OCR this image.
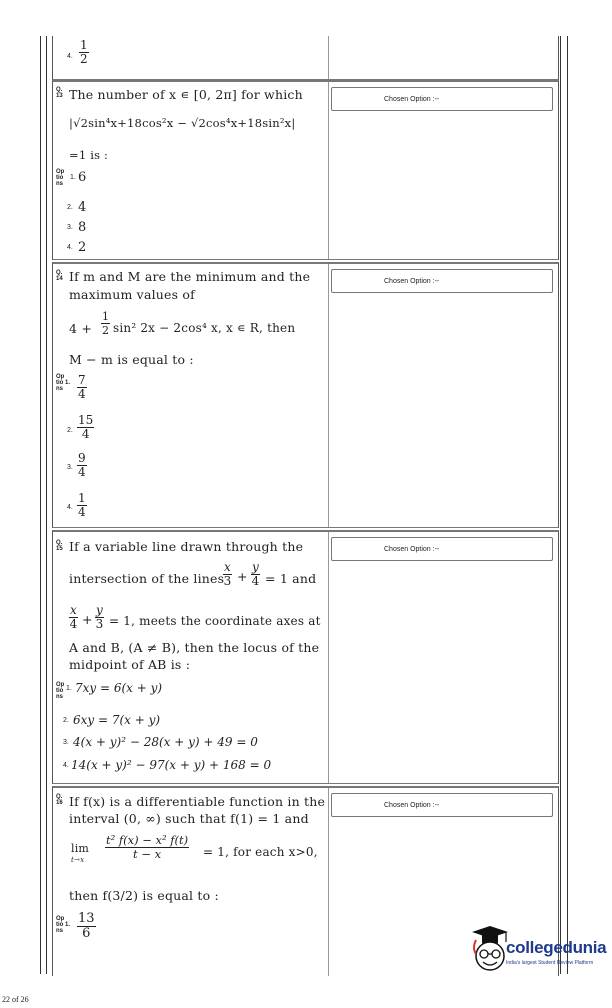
4. $\frac{1}{2}$
Chosen Option :--
Q.
13 The number of x ∊ [0, 2π] for which
|√2sin⁴x+18cos²x − √2cos⁴x+18sin²x|
=1 is :
Op
tio
ns
1. 6
2. 4
3. 8
4. 2
Chosen Option :--
Q.
14 If m and M are the minimum and the
maximum values of
$4 + \frac{1}{2} \sin^2$ 2x − 2cos⁴ x, x ∊ R, then
M − m is equal to :
Op
tio 1.
ns	$\frac{7}{4}$
2. $\frac{15}{4}$
3. $\frac{9}{4}$
4. $\frac{1}{4}$
Chosen Option :--
Q.
15 If a variable line drawn through the
intersection of the lines
$\frac{x}{3} + \frac{y}{4} = 1$ and
$\frac{x}{4} + \frac{y}{3} = 1$, meets the coordinate axes at
A and B, (A ≠ B), then the locus of the
midpoint of AB is :
Op
tio
ns
1. 7xy = 6(x + y)
2. 6xy = 7(x + y)
3. 4(x + y)² − 28(x + y) + 49 = 0
4. 14(x + y)² − 97(x + y) + 168 = 0
Chosen Option :--
Q.
16 If f(x) is a differentiable function in the
interval (0, ∞) such that f(1) = 1 and
lim
$t\to x \frac{\text{t² f(x) − x² f(t)}}{t - x} = 1$, for each x>0,
then f(3/2) is equal to :
Op
tio 1.
ns	$\frac{13}{6}$
collegedunia
India's largest Student Review Platform
22 of 26
